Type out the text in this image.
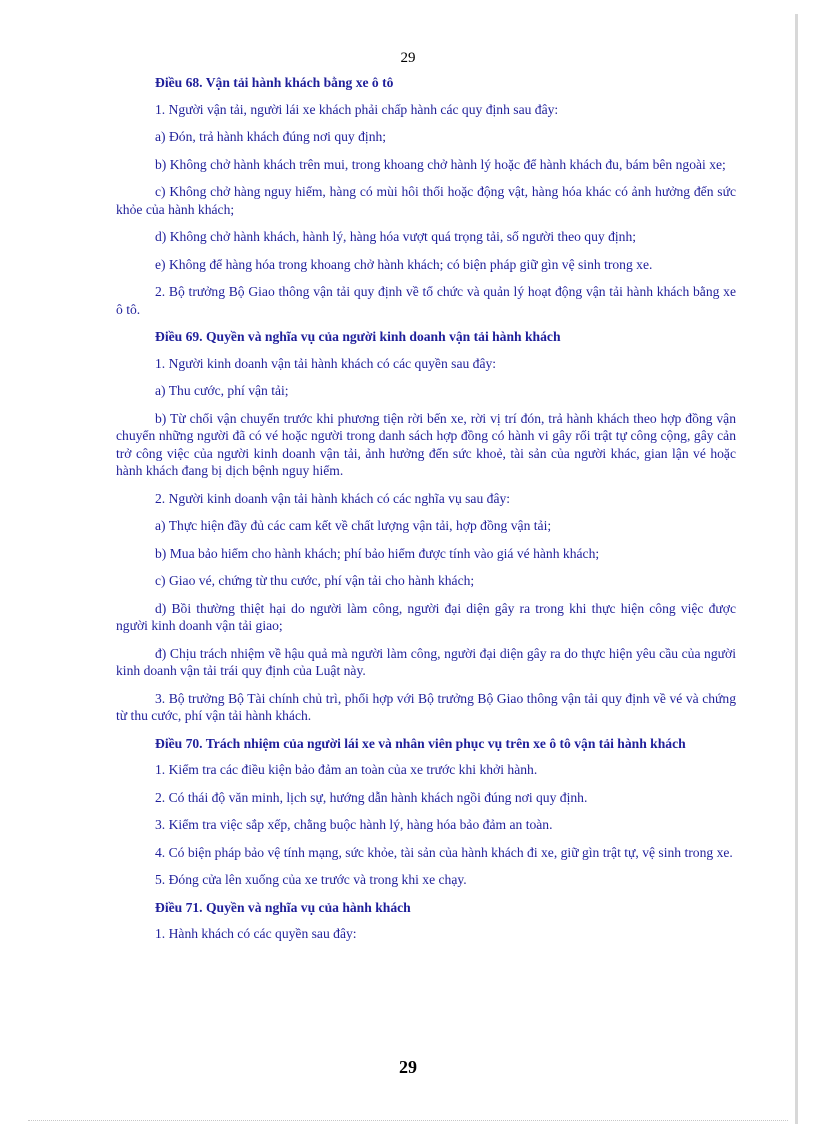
29

Điều 68. Vận tải hành khách bằng xe ô tô

1. Người vận tải, người lái xe khách phải chấp hành các quy định sau đây:

a) Đón, trả hành khách đúng nơi quy định;

b) Không chở hành khách trên mui, trong khoang chở hành lý hoặc để hành khách đu, bám bên ngoài xe;

c) Không chở hàng nguy hiểm, hàng có mùi hôi thối hoặc động vật, hàng hóa khác có ảnh hưởng đến sức khỏe của hành khách;

d) Không chở hành khách, hành lý, hàng hóa vượt quá trọng tải, số người theo quy định;

e) Không để hàng hóa trong khoang chở hành khách; có biện pháp giữ gìn vệ sinh trong xe.

2. Bộ trưởng Bộ Giao thông vận tải quy định về tổ chức và quản lý hoạt động vận tải hành khách bằng xe ô tô.

Điều 69. Quyền và nghĩa vụ của người kinh doanh vận tải hành khách

1. Người kinh doanh vận tải hành khách có các quyền sau đây:

a) Thu cước, phí vận tải;

b) Từ chối vận chuyển trước khi phương tiện rời bến xe, rời vị trí đón, trả hành khách theo hợp đồng vận chuyển những người đã có vé hoặc người trong danh sách hợp đồng có hành vi gây rối trật tự công cộng, gây cản trở công việc của người kinh doanh vận tải, ảnh hưởng đến sức khoẻ, tài sản của người khác, gian lận vé hoặc hành khách đang bị dịch bệnh nguy hiểm.

2. Người kinh doanh vận tải hành khách có các nghĩa vụ sau đây:

a) Thực hiện đầy đủ các cam kết về chất lượng vận tải, hợp đồng vận tải;

b) Mua bảo hiểm cho hành khách; phí bảo hiểm được tính vào giá vé hành khách;

c) Giao vé, chứng từ thu cước, phí vận tải cho hành khách;

d) Bồi thường thiệt hại do người làm công, người đại diện gây ra trong khi thực hiện công việc được người kinh doanh vận tải giao;

đ) Chịu trách nhiệm về hậu quả mà người làm công, người đại diện gây ra do thực hiện yêu cầu của người kinh doanh vận tải trái quy định của Luật này.

3. Bộ trưởng Bộ Tài chính chủ trì, phối hợp với Bộ trưởng Bộ Giao thông vận tải quy định về vé và chứng từ thu cước, phí vận tải hành khách.

Điều 70. Trách nhiệm của người lái xe và nhân viên phục vụ trên xe ô tô vận tải hành khách

1. Kiểm tra các điều kiện bảo đảm an toàn của xe trước khi khởi hành.

2. Có thái độ văn minh, lịch sự, hướng dẫn hành khách ngồi đúng nơi quy định.

3. Kiểm tra việc sắp xếp, chằng buộc hành lý, hàng hóa bảo đảm an toàn.

4. Có biện pháp bảo vệ tính mạng, sức khỏe, tài sản của hành khách đi xe, giữ gìn trật tự, vệ sinh trong xe.

5. Đóng cửa lên xuống của xe trước và trong khi xe chạy.

Điều 71. Quyền và nghĩa vụ của hành khách

1. Hành khách có các quyền sau đây:

29
